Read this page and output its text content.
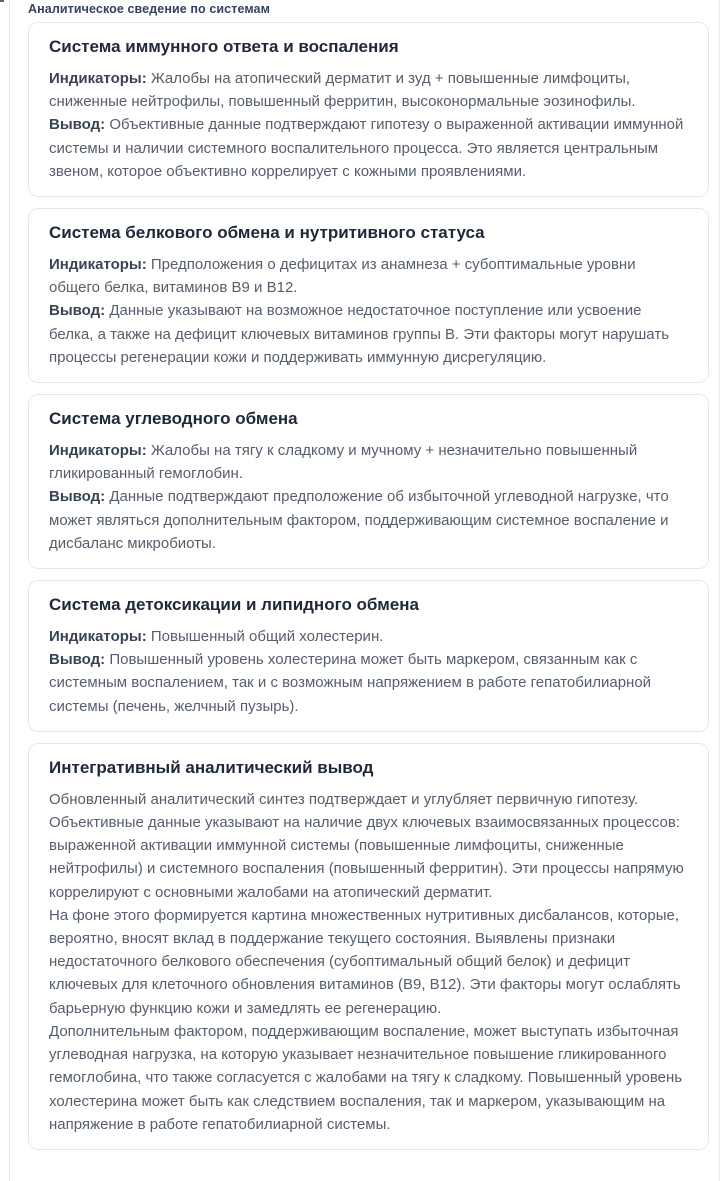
Аналитическое сведение по системам
Система иммунного ответа и воспаления

Индикаторы: Жалобы на атопический дерматит и зуд + повышенные лимфоциты, сниженные нейтрофилы, повышенный ферритин, высоконормальные эозинофилы.

Вывод: Объективные данные подтверждают гипотезу о выраженной активации иммунной системы и наличии системного воспалительного процесса. Это является центральным звеном, которое объективно коррелирует с кожными проявлениями.

Система белкового обмена и нутритивного статуса

Индикаторы: Предположения о дефицитах из анамнеза + субоптимальные уровни общего белка, витаминов В9 и В12.

Вывод: Данные указывают на возможное недостаточное поступление или усвоение белка, а также на дефицит ключевых витаминов группы В. Эти факторы могут нарушать процессы регенерации кожи и поддерживать иммунную дисрегуляцию.

Система углеводного обмена

Индикаторы: Жалобы на тягу к сладкому и мучному + незначительно повышенный гликированный гемоглобин.

Вывод: Данные подтверждают предположение об избыточной углеводной нагрузке, что может являться дополнительным фактором, поддерживающим системное воспаление и дисбаланс микробиоты.

Система детоксикации и липидного обмена

Индикаторы: Повышенный общий холестерин.

Вывод: Повышенный уровень холестерина может быть маркером, связанным как с системным воспалением, так и с возможным напряжением в работе гепатобилиарной системы (печень, желчный пузырь).

Интегративный аналитический вывод

Обновленный аналитический синтез подтверждает и углубляет первичную гипотезу. Объективные данные указывают на наличие двух ключевых взаимосвязанных процессов: выраженной активации иммунной системы (повышенные лимфоциты, сниженные нейтрофилы) и системного воспаления (повышенный ферритин). Эти процессы напрямую коррелируют с основными жалобами на атопический дерматит.

На фоне этого формируется картина множественных нутритивных дисбалансов, которые, вероятно, вносят вклад в поддержание текущего состояния. Выявлены признаки недостаточного белкового обеспечения (субоптимальный общий белок) и дефицит ключевых для клеточного обновления витаминов (В9, В12). Эти факторы могут ослаблять барьерную функцию кожи и замедлять ее регенерацию.

Дополнительным фактором, поддерживающим воспаление, может выступать избыточная углеводная нагрузка, на которую указывает незначительное повышение гликированного гемоглобина, что также согласуется с жалобами на тягу к сладкому. Повышенный уровень холестерина может быть как следствием воспаления, так и маркером, указывающим на напряжение в работе гепатобилиарной системы.
